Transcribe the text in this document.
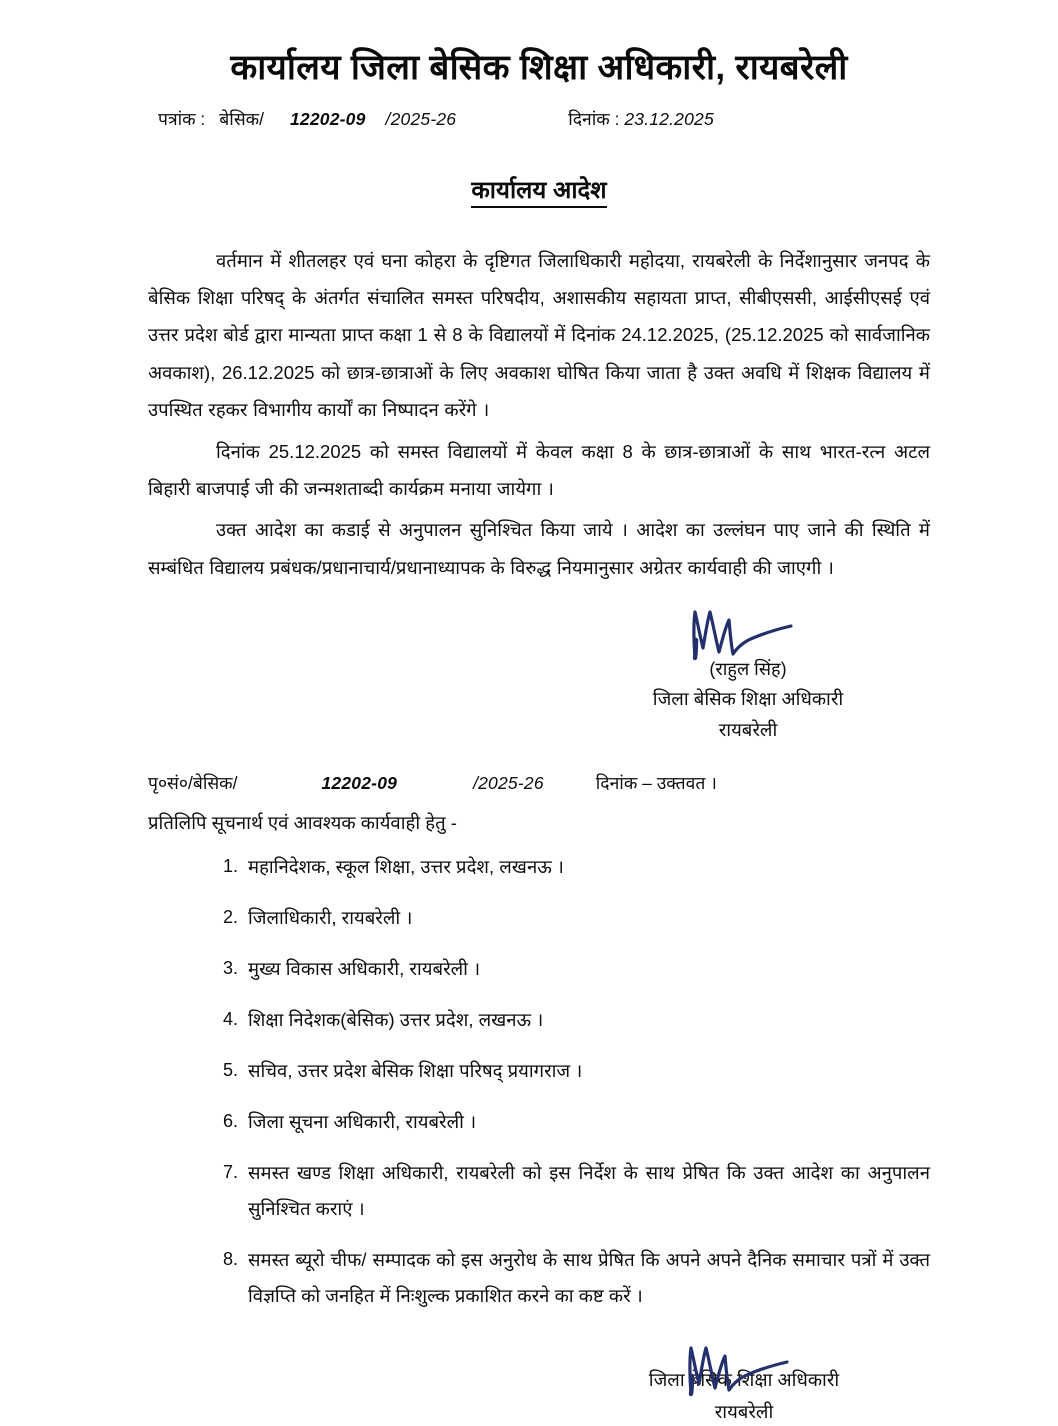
कार्यालय जिला बेसिक शिक्षा अधिकारी, रायबरेली
पत्रांक : बेसिक/ 12202-09 /2025-26	दिनांक : 23.12.2025
कार्यालय आदेश

वर्तमान में शीतलहर एवं घना कोहरा के दृष्टिगत जिलाधिकारी महोदया, रायबरेली के निर्देशानुसार जनपद के बेसिक शिक्षा परिषद् के अंतर्गत संचालित समस्त परिषदीय, अशासकीय सहायता प्राप्त, सीबीएससी, आईसीएसई एवं उत्तर प्रदेश बोर्ड द्वारा मान्यता प्राप्त कक्षा 1 से 8 के विद्यालयों में दिनांक 24.12.2025, (25.12.2025 को सार्वजानिक अवकाश), 26.12.2025 को छात्र-छात्राओं के लिए अवकाश घोषित किया जाता है उक्त अवधि में शिक्षक विद्यालय में उपस्थित रहकर विभागीय कार्यों का निष्पादन करेंगे ।

दिनांक 25.12.2025 को समस्त विद्यालयों में केवल कक्षा 8 के छात्र-छात्राओं के साथ भारत-रत्न अटल बिहारी बाजपाई जी की जन्मशताब्दी कार्यक्रम मनाया जायेगा ।

उक्त आदेश का कडाई से अनुपालन सुनिश्चित किया जाये । आदेश का उल्लंघन पाए जाने की स्थिति में सम्बंधित विद्यालय प्रबंधक/प्रधानाचार्य/प्रधानाध्यापक के विरुद्ध नियमानुसार अग्रेतर कार्यवाही की जाएगी ।

(राहुल सिंह)
जिला बेसिक शिक्षा अधिकारी
रायबरेली
पृ०सं०/बेसिक/	12202-09	/2025-26	दिनांक – उक्तवत ।
प्रतिलिपि सूचनार्थ एवं आवश्यक कार्यवाही हेतु -
महानिदेशक, स्कूल शिक्षा, उत्तर प्रदेश, लखनऊ ।
जिलाधिकारी, रायबरेली ।
मुख्य विकास अधिकारी, रायबरेली ।
शिक्षा निदेशक(बेसिक) उत्तर प्रदेश, लखनऊ ।
सचिव, उत्तर प्रदेश बेसिक शिक्षा परिषद् प्रयागराज ।
जिला सूचना अधिकारी, रायबरेली ।
समस्त खण्ड शिक्षा अधिकारी, रायबरेली को इस निर्देश के साथ प्रेषित कि उक्त आदेश का अनुपालन सुनिश्चित कराएं ।
समस्त ब्यूरो चीफ/ सम्पादक को इस अनुरोध के साथ प्रेषित कि अपने अपने दैनिक समाचार पत्रों में उक्त विज्ञप्ति को जनहित में निःशुल्क प्रकाशित करने का कष्ट करें ।
जिला बेसिक शिक्षा अधिकारी
रायबरेली
